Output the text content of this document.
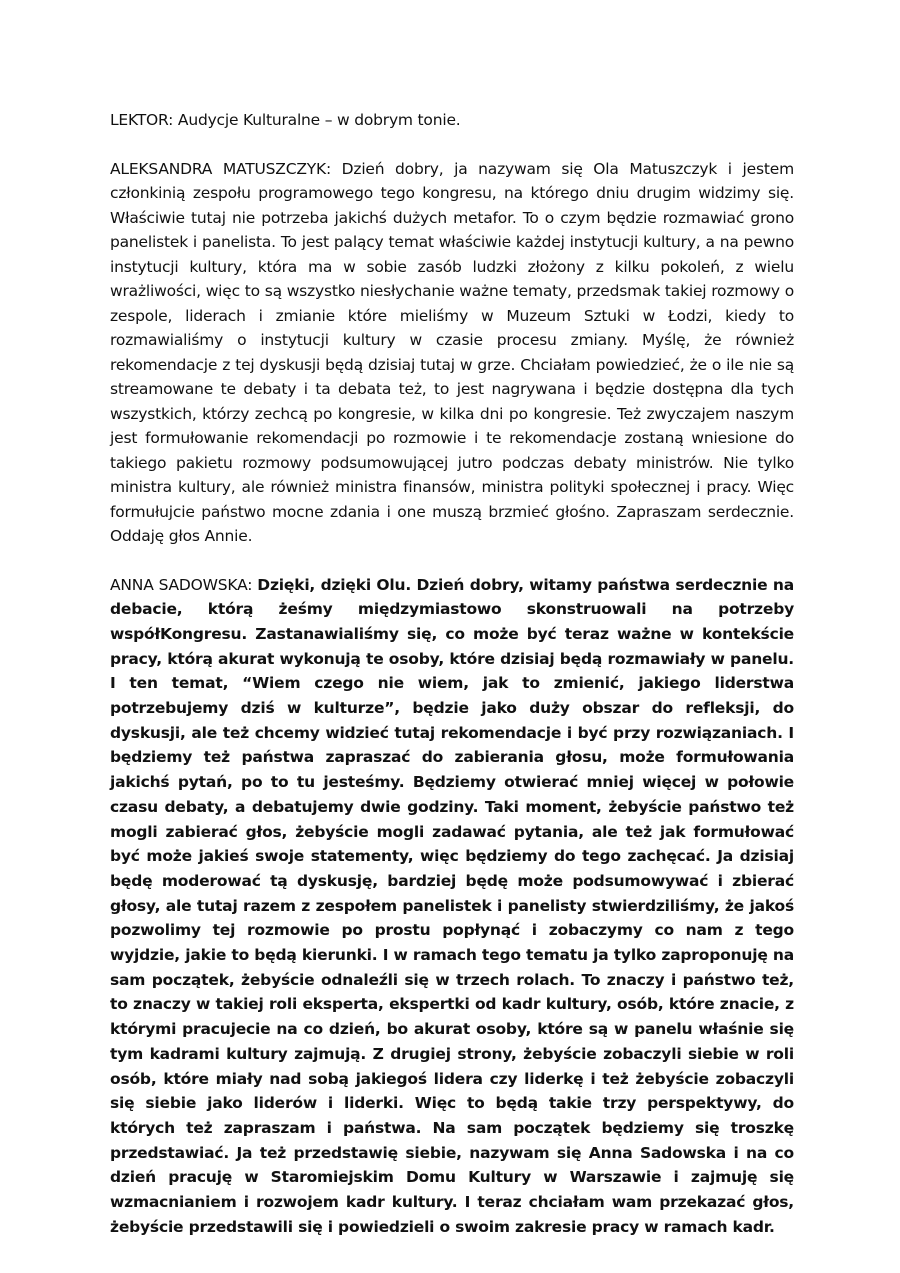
LEKTOR: Audycje Kulturalne – w dobrym tonie.

ALEKSANDRA MATUSZCZYK: Dzień dobry, ja nazywam się Ola Matuszczyk i jestem członkinią zespołu programowego tego kongresu, na którego dniu drugim widzimy się. Właściwie tutaj nie potrzeba jakichś dużych metafor. To o czym będzie rozmawiać grono panelistek i panelista. To jest palący temat właściwie każdej instytucji kultury, a na pewno instytucji kultury, która ma w sobie zasób ludzki złożony z kilku pokoleń, z wielu wrażliwości, więc to są wszystko niesłychanie ważne tematy, przedsmak takiej rozmowy o zespole, liderach i zmianie które mieliśmy w Muzeum Sztuki w Łodzi, kiedy to rozmawialiśmy o instytucji kultury w czasie procesu zmiany. Myślę, że również rekomendacje z tej dyskusji będą dzisiaj tutaj w grze. Chciałam powiedzieć, że o ile nie są streamowane te debaty i ta debata też, to jest nagrywana i będzie dostępna dla tych wszystkich, którzy zechcą po kongresie, w kilka dni po kongresie. Też zwyczajem naszym jest formułowanie rekomendacji po rozmowie i te rekomendacje zostaną wniesione do takiego pakietu rozmowy podsumowującej jutro podczas debaty ministrów. Nie tylko ministra kultury, ale również ministra finansów, ministra polityki społecznej i pracy. Więc formułujcie państwo mocne zdania i one muszą brzmieć głośno. Zapraszam serdecznie. Oddaję głos Annie.

ANNA SADOWSKA: Dzięki, dzięki Olu. Dzień dobry, witamy państwa serdecznie na debacie, którą żeśmy międzymiastowo skonstruowali na potrzeby współKongresu. Zastanawialiśmy się, co może być teraz ważne w kontekście pracy, którą akurat wykonują te osoby, które dzisiaj będą rozmawiały w panelu. I ten temat, “Wiem czego nie wiem, jak to zmienić, jakiego liderstwa potrzebujemy dziś w kulturze”, będzie jako duży obszar do refleksji, do dyskusji, ale też chcemy widzieć tutaj rekomendacje i być przy rozwiązaniach. I będziemy też państwa zapraszać do zabierania głosu, może formułowania jakichś pytań, po to tu jesteśmy. Będziemy otwierać mniej więcej w połowie czasu debaty, a debatujemy dwie godziny. Taki moment, żebyście państwo też mogli zabierać głos, żebyście mogli zadawać pytania, ale też jak formułować być może jakieś swoje statementy, więc będziemy do tego zachęcać. Ja dzisiaj będę moderować tą dyskusję, bardziej będę może podsumowywać i zbierać głosy, ale tutaj razem z zespołem panelistek i panelisty stwierdziliśmy, że jakoś pozwolimy tej rozmowie po prostu popłynąć i zobaczymy co nam z tego wyjdzie, jakie to będą kierunki. I w ramach tego tematu ja tylko zaproponuję na sam początek, żebyście odnaleźli się w trzech rolach. To znaczy i państwo też, to znaczy w takiej roli eksperta, ekspertki od kadr kultury, osób, które znacie, z którymi pracujecie na co dzień, bo akurat osoby, które są w panelu właśnie się tym kadrami kultury zajmują. Z drugiej strony, żebyście zobaczyli siebie w roli osób, które miały nad sobą jakiegoś lidera czy liderkę i też żebyście zobaczyli się siebie jako liderów i liderki. Więc to będą takie trzy perspektywy, do których też zapraszam i państwa. Na sam początek będziemy się troszkę przedstawiać. Ja też przedstawię siebie, nazywam się Anna Sadowska i na co dzień pracuję w Staromiejskim Domu Kultury w Warszawie i zajmuję się wzmacnianiem i rozwojem kadr kultury. I teraz chciałam wam przekazać głos, żebyście przedstawili się i powiedzieli o swoim zakresie pracy w ramach kadr.
